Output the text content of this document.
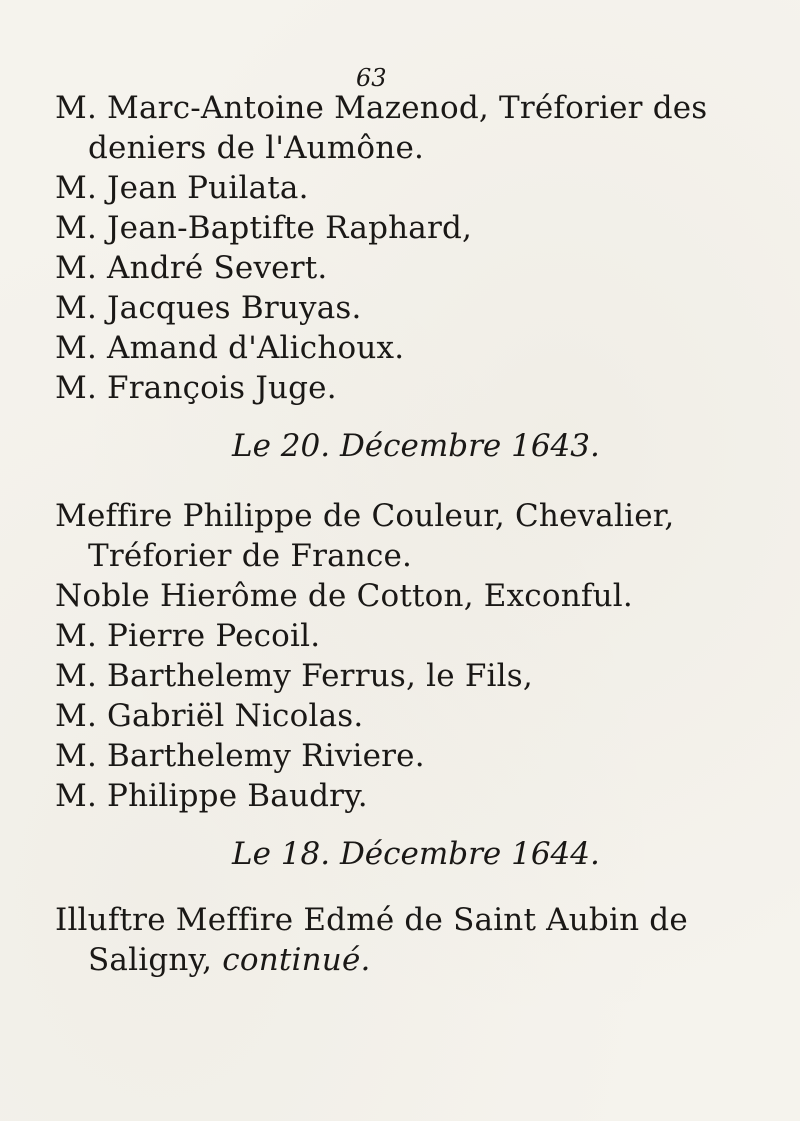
63
M. Marc-Antoine Mazenod, Tréforier des
deniers de l'Aumône.
M. Jean Puilata.
M. Jean-Baptifte Raphard,
M. André Severt.
M. Jacques Bruyas.
M. Amand d'Alichoux.
M. François Juge.
Le 20. Décembre 1643.
Meffire Philippe de Couleur, Chevalier,
Tréforier de France.
Noble Hierôme de Cotton, Exconful.
M. Pierre Pecoil.
M. Barthelemy Ferrus, le Fils,
M. Gabriël Nicolas.
M. Barthelemy Riviere.
M. Philippe Baudry.
Le 18. Décembre 1644.
Illuftre Meffire Edmé de Saint Aubin de
Saligny, continué.
